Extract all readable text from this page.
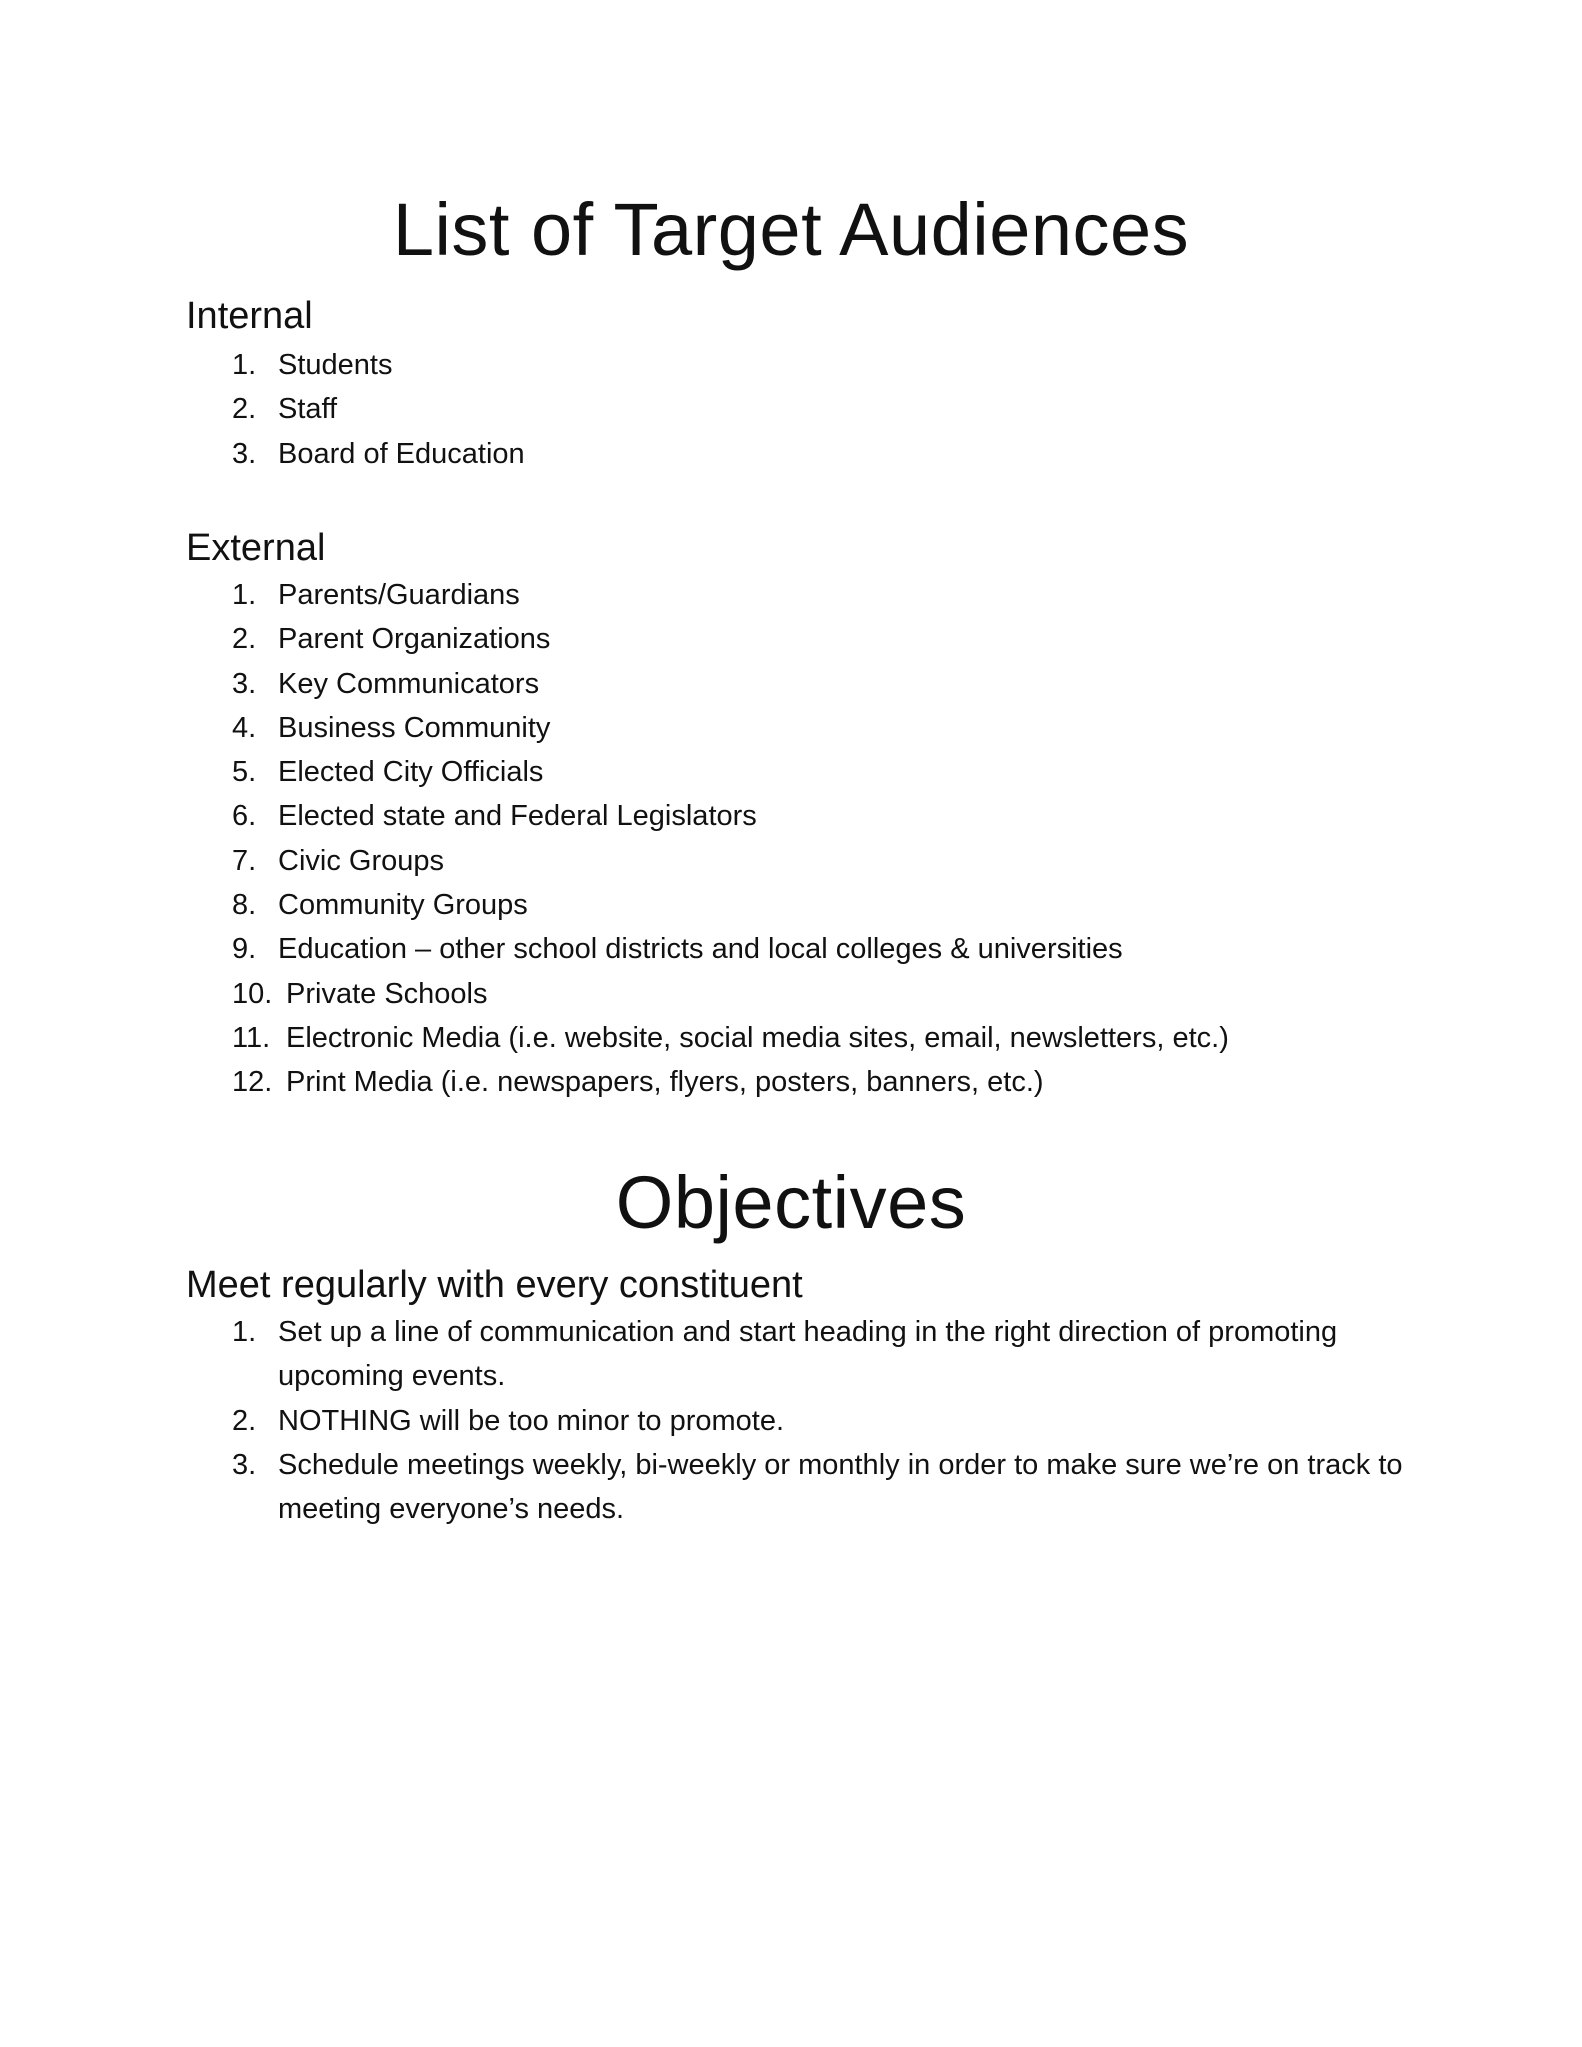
List of Target Audiences
Internal
1. Students
2. Staff
3. Board of Education
External
1. Parents/Guardians
2. Parent Organizations
3. Key Communicators
4. Business Community
5. Elected City Officials
6. Elected state and Federal Legislators
7. Civic Groups
8. Community Groups
9. Education – other school districts and local colleges & universities
10. Private Schools
11. Electronic Media (i.e. website, social media sites, email, newsletters, etc.)
12. Print Media (i.e. newspapers, flyers, posters, banners, etc.)
Objectives
Meet regularly with every constituent
1. Set up a line of communication and start heading in the right direction of promoting upcoming events.
2. NOTHING will be too minor to promote.
3. Schedule meetings weekly, bi-weekly or monthly in order to make sure we’re on track to meeting everyone’s needs.
